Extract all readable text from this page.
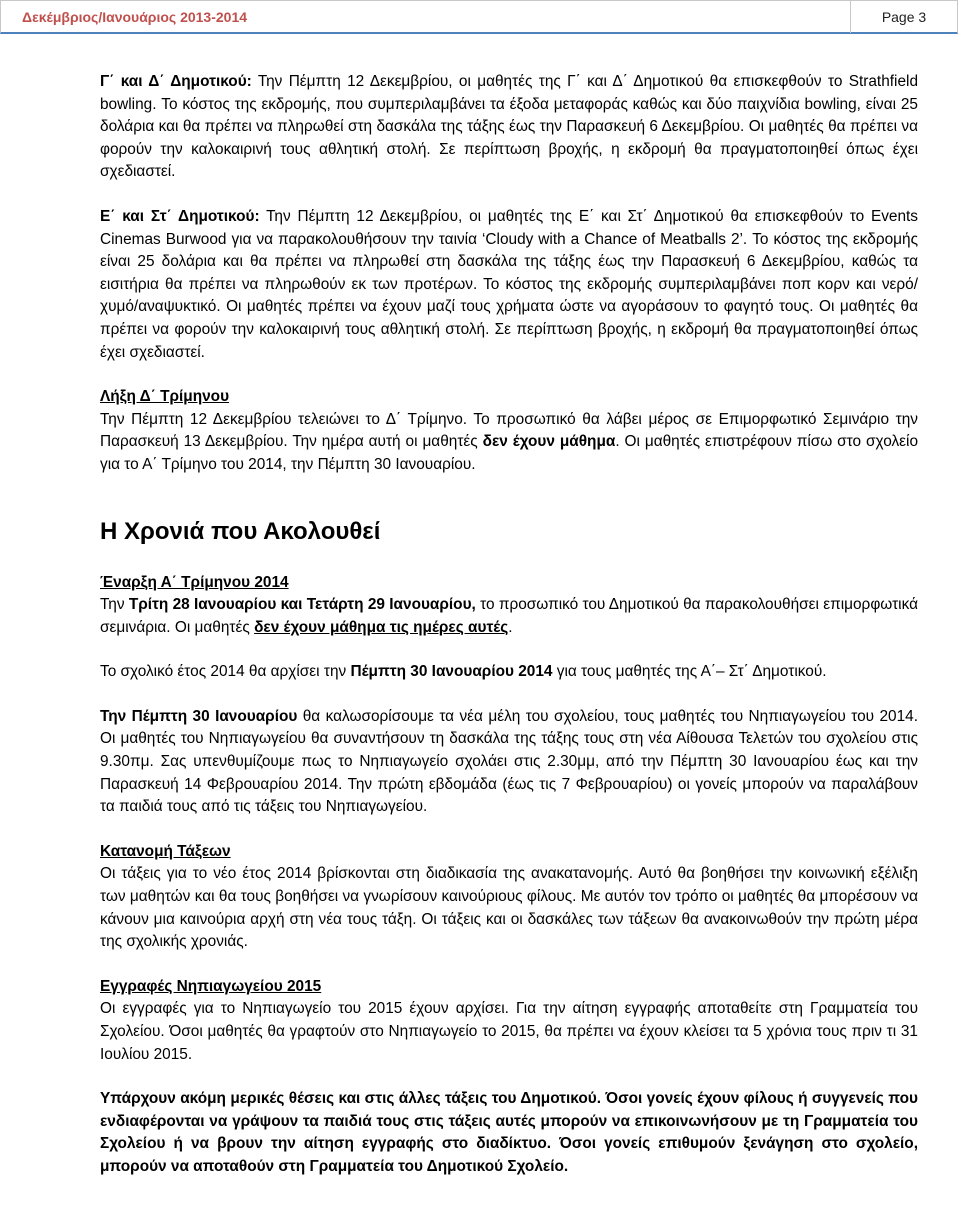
Δεκέμβριος/Ιανουάριος 2013-2014	Page 3

Γ΄ και Δ΄ Δημοτικού: Την Πέμπτη 12 Δεκεμβρίου, οι μαθητές της Γ΄ και Δ΄ Δημοτικού θα επισκεφθούν το Strathfield bowling. Το κόστος της εκδρομής, που συμπεριλαμβάνει τα έξοδα μεταφοράς καθώς και δύο παιχνίδια bowling, είναι 25 δολάρια και θα πρέπει να πληρωθεί στη δασκάλα της τάξης έως την Παρασκευή 6 Δεκεμβρίου. Οι μαθητές θα πρέπει να φορούν την καλοκαιρινή τους αθλητική στολή. Σε περίπτωση βροχής, η εκδρομή θα πραγματοποιηθεί όπως έχει σχεδιαστεί.

Ε΄ και Στ΄ Δημοτικού: Την Πέμπτη 12 Δεκεμβρίου, οι μαθητές της Ε΄ και Στ΄ Δημοτικού θα επισκεφθούν το Events Cinemas Burwood για να παρακολουθήσουν την ταινία ‘Cloudy with a Chance of Meatballs 2’. Το κόστος της εκδρομής είναι 25 δολάρια και θα πρέπει να πληρωθεί στη δασκάλα της τάξης έως την Παρασκευή 6 Δεκεμβρίου, καθώς τα εισιτήρια θα πρέπει να πληρωθούν εκ των προτέρων. Το κόστος της εκδρομής συμπεριλαμβάνει ποπ κορν και νερό/χυμό/αναψυκτικό. Οι μαθητές πρέπει να έχουν μαζί τους χρήματα ώστε να αγοράσουν το φαγητό τους. Οι μαθητές θα πρέπει να φορούν την καλοκαιρινή τους αθλητική στολή. Σε περίπτωση βροχής, η εκδρομή θα πραγματοποιηθεί όπως έχει σχεδιαστεί.

Λήξη Δ΄ Τρίμηνου

Την Πέμπτη 12 Δεκεμβρίου τελειώνει το Δ΄ Τρίμηνο. Το προσωπικό θα λάβει μέρος σε Επιμορφωτικό Σεμινάριο την Παρασκευή 13 Δεκεμβρίου. Την ημέρα αυτή οι μαθητές δεν έχουν μάθημα. Οι μαθητές επιστρέφουν πίσω στο σχολείο για το Α΄ Τρίμηνο του 2014, την Πέμπτη 30 Ιανουαρίου.

Η Χρονιά που Ακολουθεί
Έναρξη Α΄ Τρίμηνου 2014

Την Τρίτη 28 Ιανουαρίου και Τετάρτη 29 Ιανουαρίου, το προσωπικό του Δημοτικού θα παρακολουθήσει επιμορφωτικά σεμινάρια. Οι μαθητές δεν έχουν μάθημα τις ημέρες αυτές.

Το σχολικό έτος 2014 θα αρχίσει την Πέμπτη 30 Ιανουαρίου 2014 για τους μαθητές της Α΄– Στ΄ Δημοτικού.

Την Πέμπτη 30 Ιανουαρίου θα καλωσορίσουμε τα νέα μέλη του σχολείου, τους μαθητές του Νηπιαγωγείου του 2014. Οι μαθητές του Νηπιαγωγείου θα συναντήσουν τη δασκάλα της τάξης τους στη νέα Αίθουσα Τελετών του σχολείου στις 9.30πμ. Σας υπενθυμίζουμε πως το Νηπιαγωγείο σχολάει στις 2.30μμ, από την Πέμπτη 30 Ιανουαρίου έως και την Παρασκευή 14 Φεβρουαρίου 2014. Την πρώτη εβδομάδα (έως τις 7 Φεβρουαρίου) οι γονείς μπορούν να παραλάβουν τα παιδιά τους από τις τάξεις του Νηπιαγωγείου.

Κατανομή Τάξεων

Οι τάξεις για το νέο έτος 2014 βρίσκονται στη διαδικασία της ανακατανομής. Αυτό θα βοηθήσει την κοινωνική εξέλιξη των μαθητών και θα τους βοηθήσει να γνωρίσουν καινούριους φίλους. Με αυτόν τον τρόπο οι μαθητές θα μπορέσουν να κάνουν μια καινούρια αρχή στη νέα τους τάξη. Οι τάξεις και οι δασκάλες των τάξεων θα ανακοινωθούν την πρώτη μέρα της σχολικής χρονιάς.

Εγγραφές Νηπιαγωγείου 2015

Οι εγγραφές για το Νηπιαγωγείο του 2015 έχουν αρχίσει. Για την αίτηση εγγραφής αποταθείτε στη Γραμματεία του Σχολείου. Όσοι μαθητές θα γραφτούν στο Νηπιαγωγείο το 2015, θα πρέπει να έχουν κλείσει τα 5 χρόνια τους πριν τι 31 Ιουλίου 2015.

Υπάρχουν ακόμη μερικές θέσεις και στις άλλες τάξεις του Δημοτικού. Όσοι γονείς έχουν φίλους ή συγγενείς που ενδιαφέρονται να γράψουν τα παιδιά τους στις τάξεις αυτές μπορούν να επικοινωνήσουν με τη Γραμματεία του Σχολείου ή να βρουν την αίτηση εγγραφής στο διαδίκτυο. Όσοι γονείς επιθυμούν ξενάγηση στο σχολείο, μπορούν να αποταθούν στη Γραμματεία του Δημοτικού Σχολείο.
